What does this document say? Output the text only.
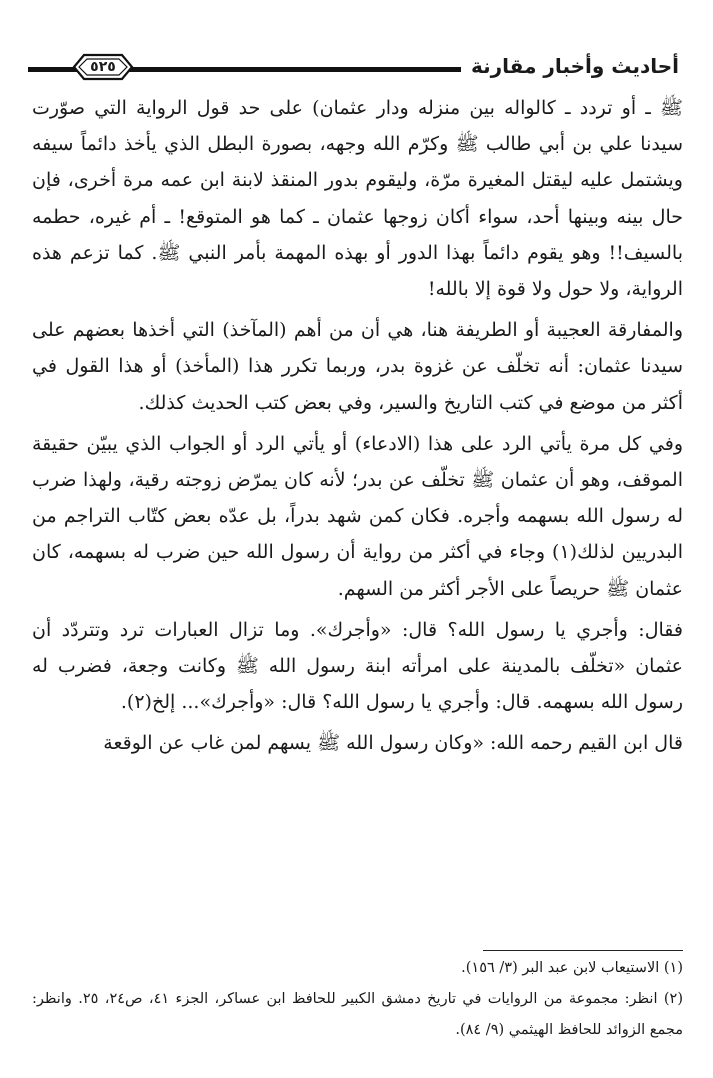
أحاديث وأخبار مقارنة
٥٢٥

ﷺ ـ أو تردد ـ كالواله بين منزله ودار عثمان) على حد قول الرواية التي صوّرت سيدنا علي بن أبي طالب ﷺ وكرّم الله وجهه، بصورة البطل الذي يأخذ دائماً سيفه ويشتمل عليه ليقتل المغيرة مرّة، وليقوم بدور المنقذ لابنة ابن عمه مرة أخرى، فإن حال بينه وبينها أحد، سواء أكان زوجها عثمان ـ كما هو المتوقع! ـ أم غيره، حطمه بالسيف!! وهو يقوم دائماً بهذا الدور أو بهذه المهمة بأمر النبي ﷺ. كما تزعم هذه الرواية، ولا حول ولا قوة إلا بالله!

والمفارقة العجيبة أو الطريفة هنا، هي أن من أهم (المآخذ) التي أخذها بعضهم على سيدنا عثمان: أنه تخلّف عن غزوة بدر، وربما تكرر هذا (المأخذ) أو هذا القول في أكثر من موضع في كتب التاريخ والسير، وفي بعض كتب الحديث كذلك.

وفي كل مرة يأتي الرد على هذا (الادعاء) أو يأتي الرد أو الجواب الذي يبيّن حقيقة الموقف، وهو أن عثمان ﷺ تخلّف عن بدر؛ لأنه كان يمرّض زوجته رقية، ولهذا ضرب له رسول الله بسهمه وأجره. فكان كمن شهد بدراً، بل عدّه بعض كتّاب التراجم من البدريين لذلك(١) وجاء في أكثر من رواية أن رسول الله حين ضرب له بسهمه، كان عثمان ﷺ حريصاً على الأجر أكثر من السهم.

فقال: وأجري يا رسول الله؟ قال: «وأجرك». وما تزال العبارات ترد وتتردّد أن عثمان «تخلّف بالمدينة على امرأته ابنة رسول الله ﷺ وكانت وجعة، فضرب له رسول الله بسهمه. قال: وأجري يا رسول الله؟ قال: «وأجرك»... إلخ(٢).

قال ابن القيم رحمه الله: «وكان رسول الله ﷺ يسهم لمن غاب عن الوقعة

(١) الاستيعاب لابن عبد البر (٣/ ١٥٦).

(٢) انظر: مجموعة من الروايات في تاريخ دمشق الكبير للحافظ ابن عساكر، الجزء ٤١، ص٢٤، ٢٥. وانظر: مجمع الزوائد للحافظ الهيثمي (٩/ ٨٤).
